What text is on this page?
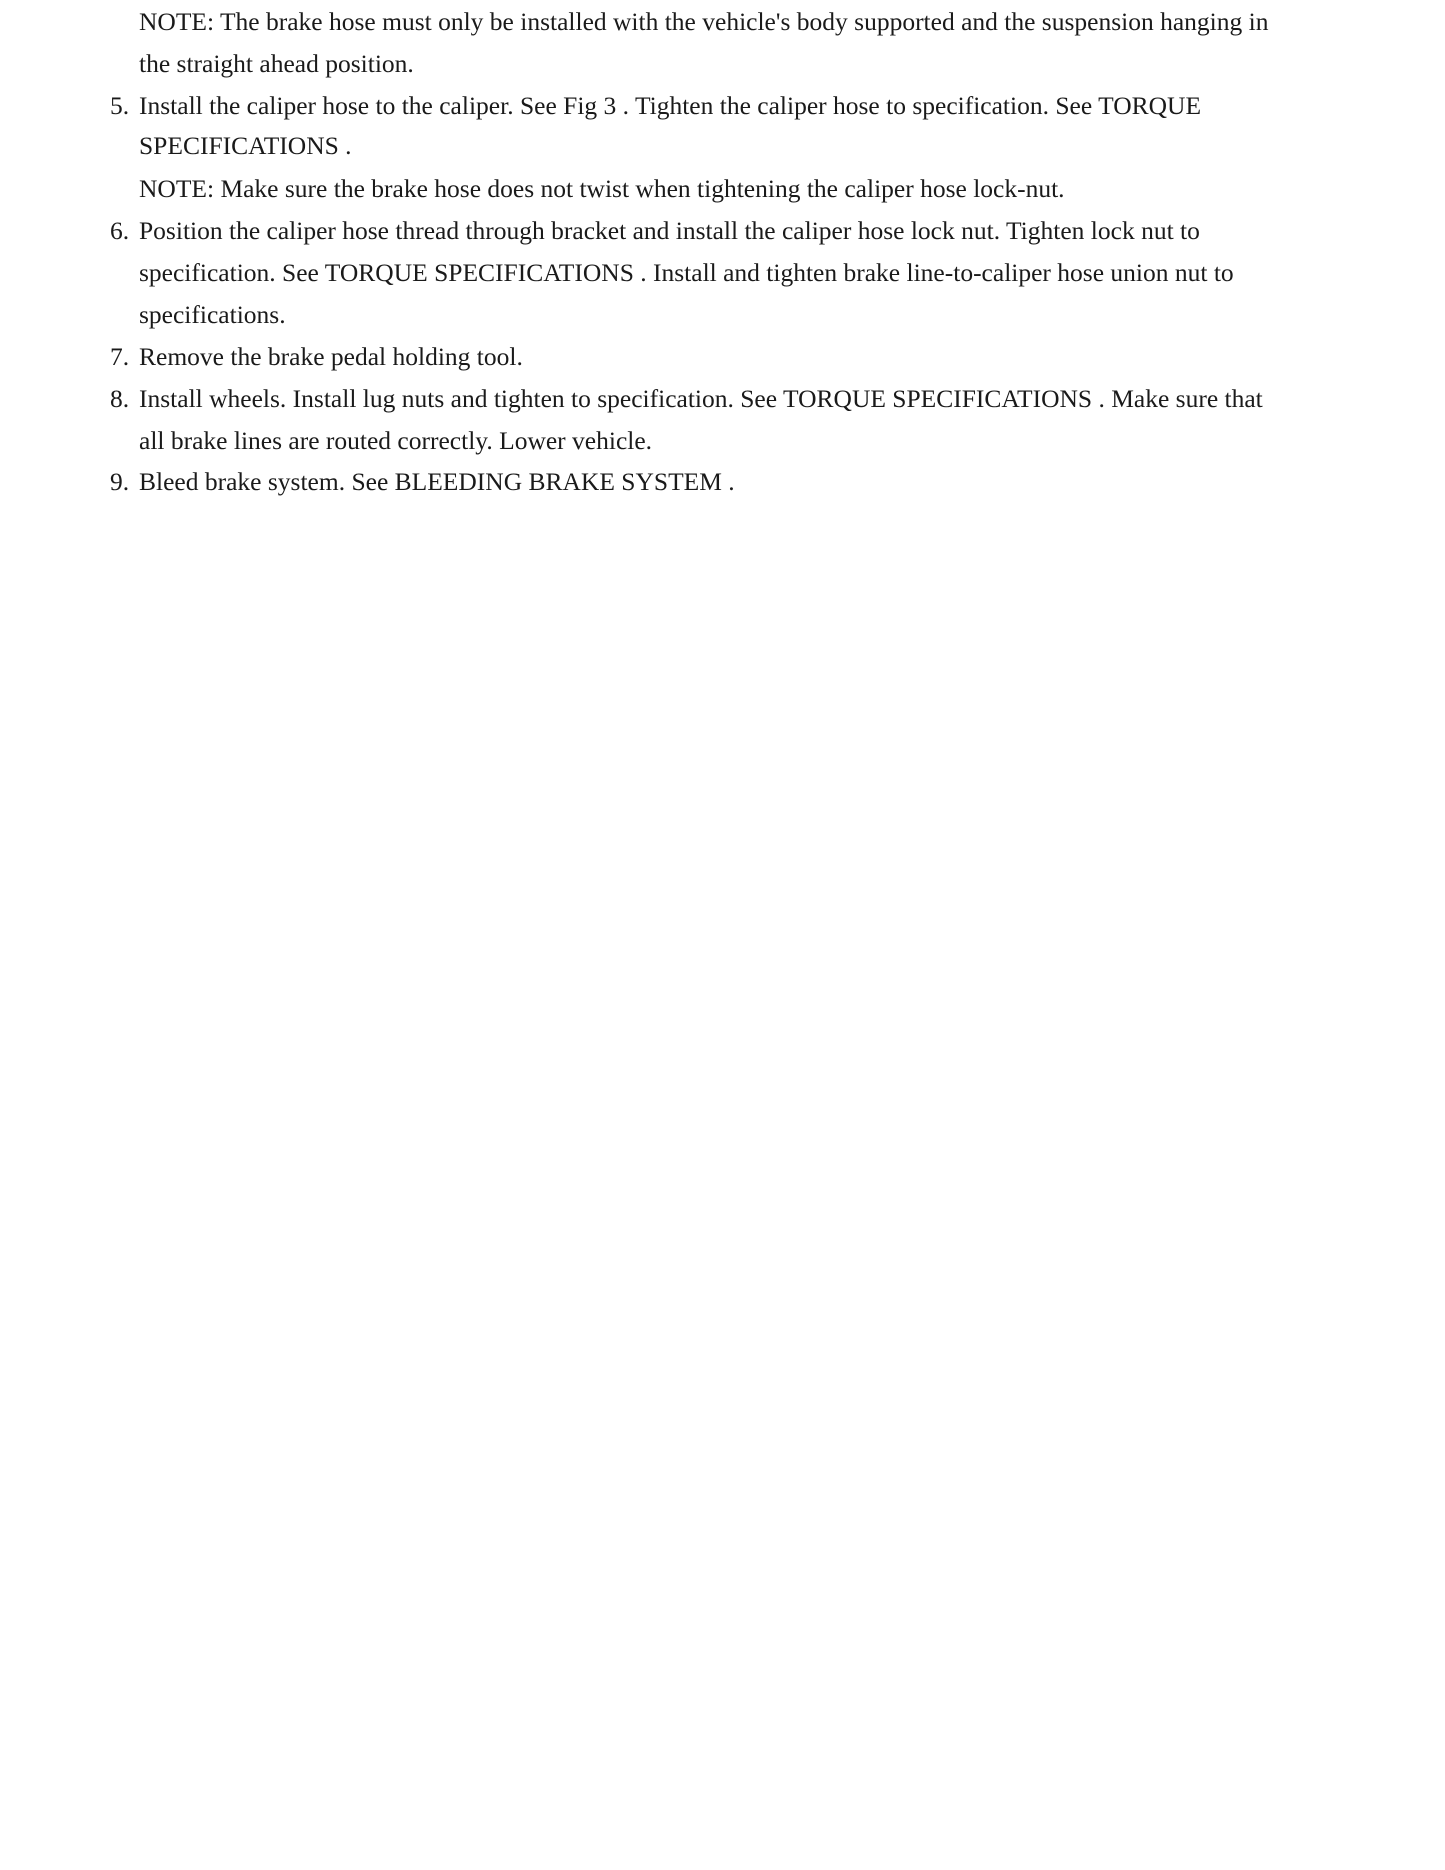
NOTE: The brake hose must only be installed with the vehicle's body supported and the suspension hanging in
the straight ahead position.
5. Install the caliper hose to the caliper. See Fig 3 . Tighten the caliper hose to specification. See TORQUE
SPECIFICATIONS .
NOTE: Make sure the brake hose does not twist when tightening the caliper hose lock-nut.
6. Position the caliper hose thread through bracket and install the caliper hose lock nut. Tighten lock nut to
specification. See TORQUE SPECIFICATIONS . Install and tighten brake line-to-caliper hose union nut to
specifications.
7. Remove the brake pedal holding tool.
8. Install wheels. Install lug nuts and tighten to specification. See TORQUE SPECIFICATIONS . Make sure that
all brake lines are routed correctly. Lower vehicle.
9. Bleed brake system. See BLEEDING BRAKE SYSTEM .
